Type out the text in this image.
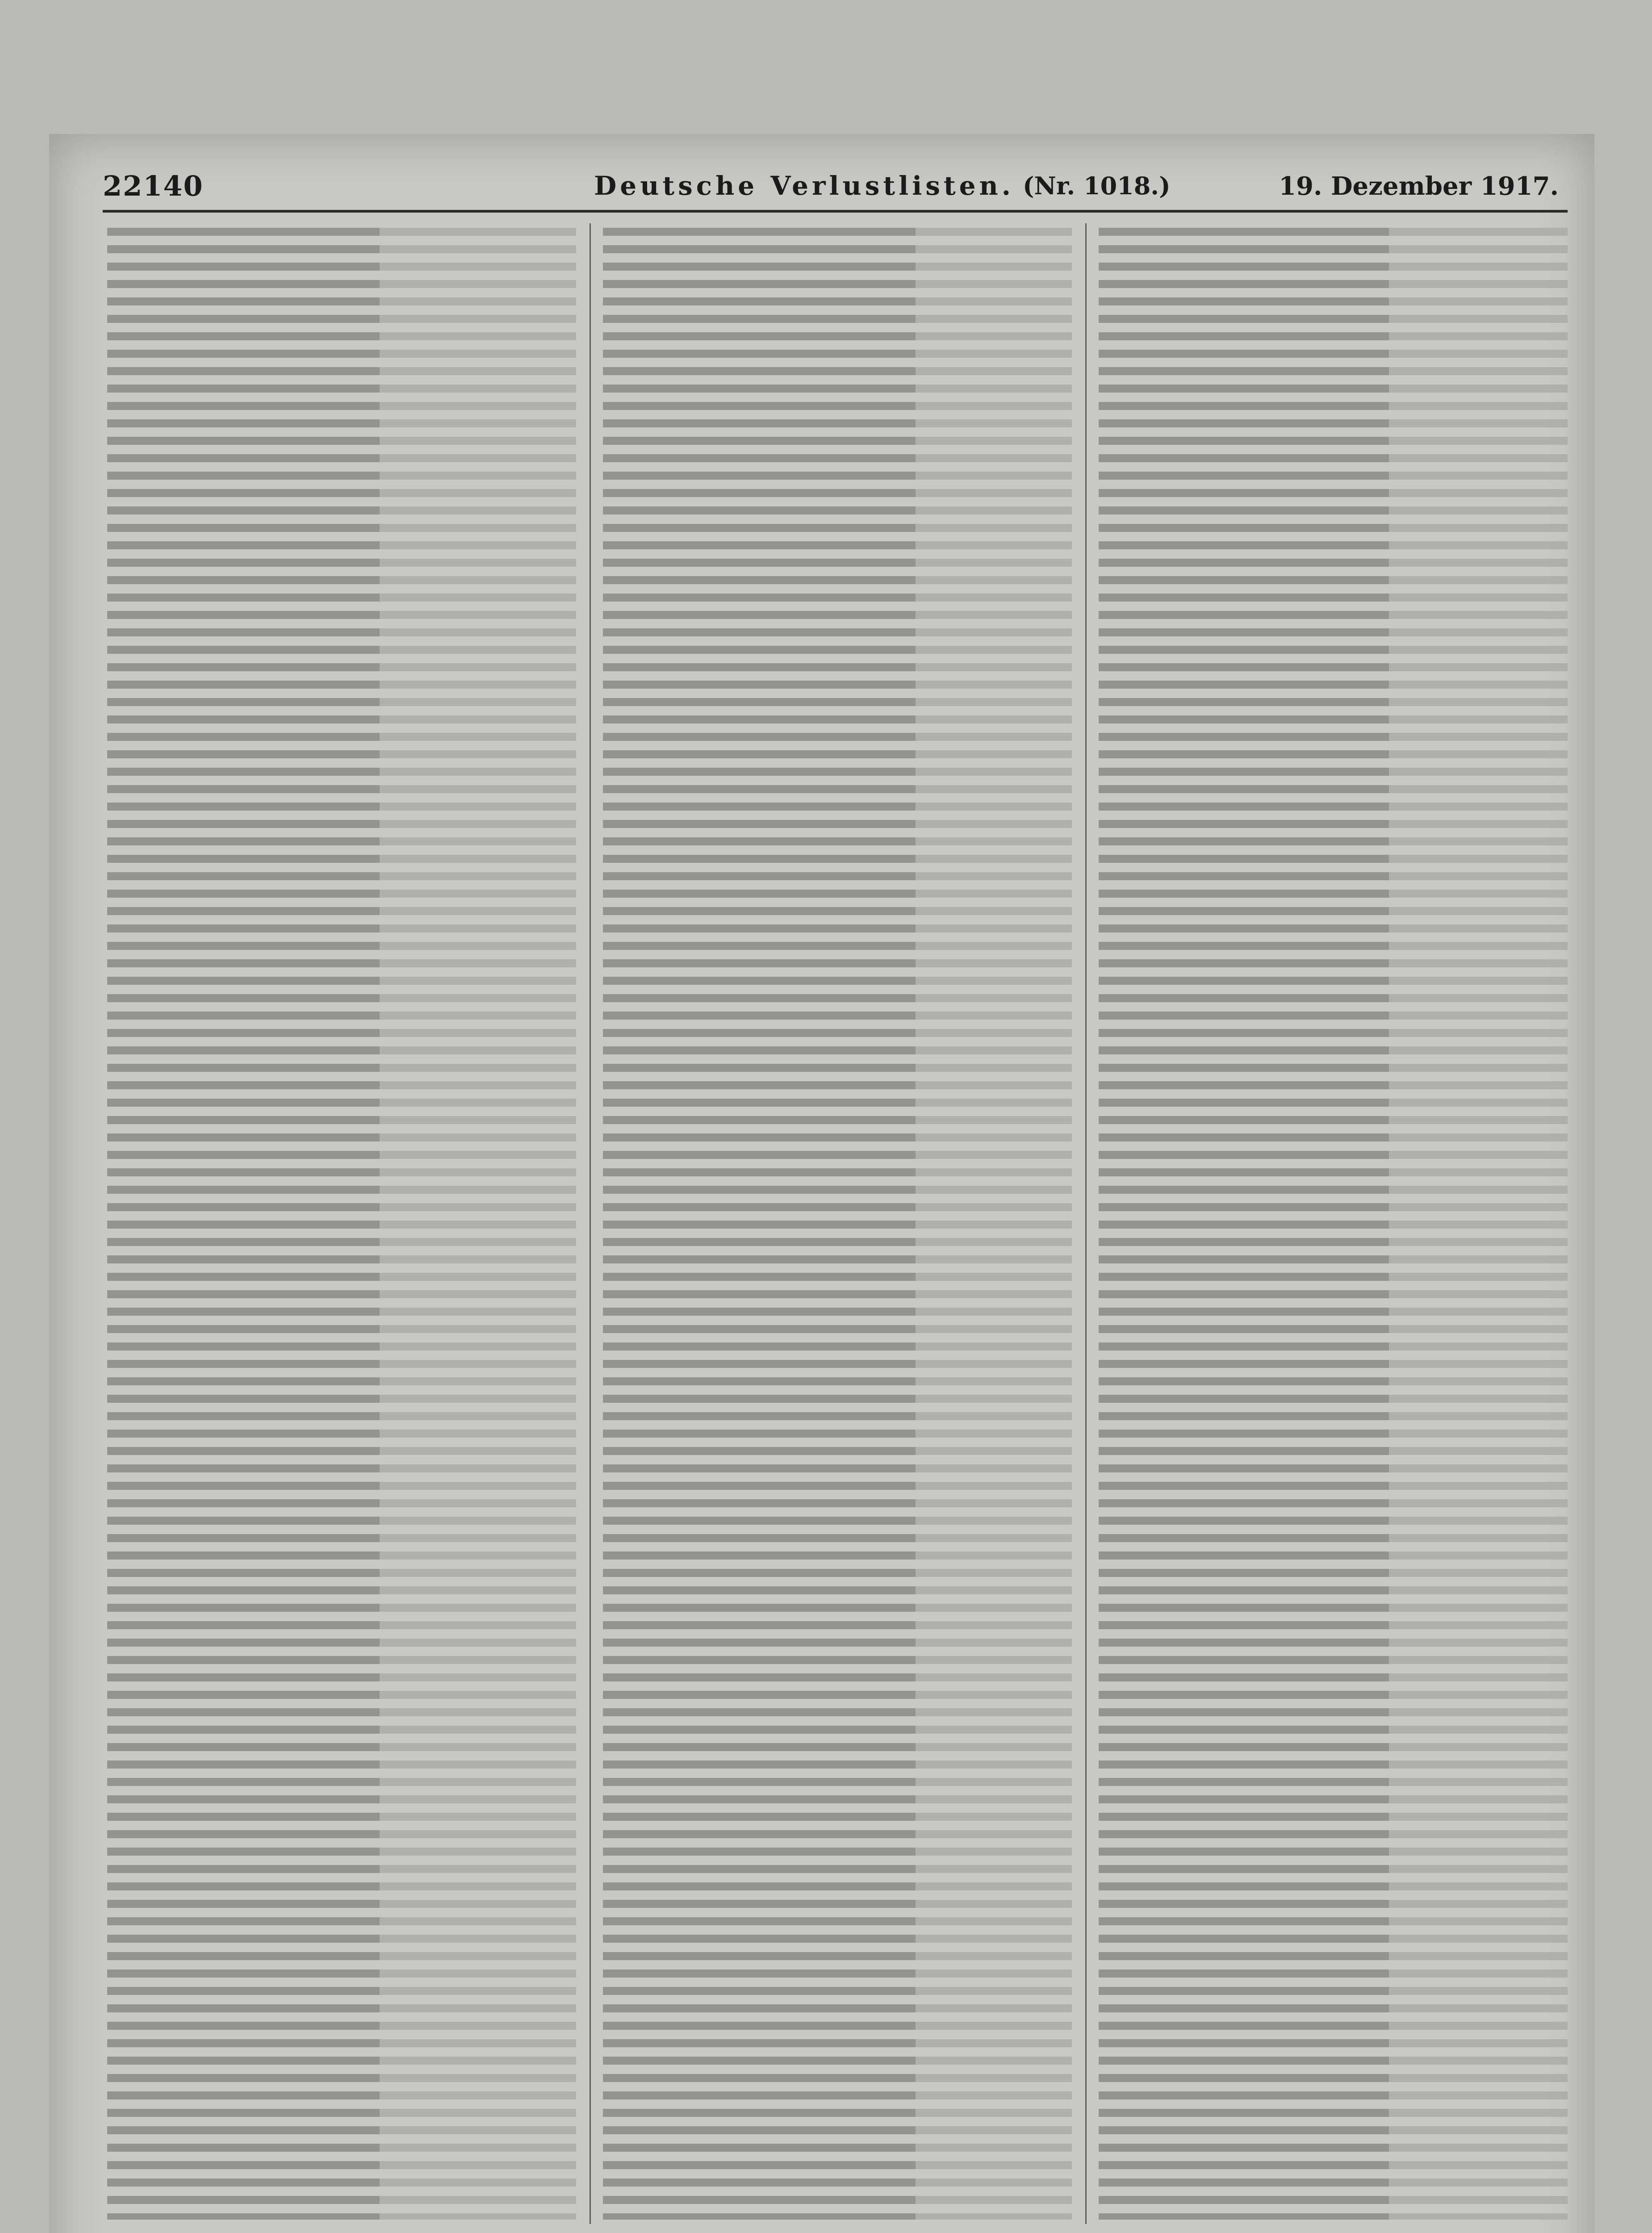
22140	Deutsche Verlustlisten. (Nr. 1018.)	19. Dezember 1917.
